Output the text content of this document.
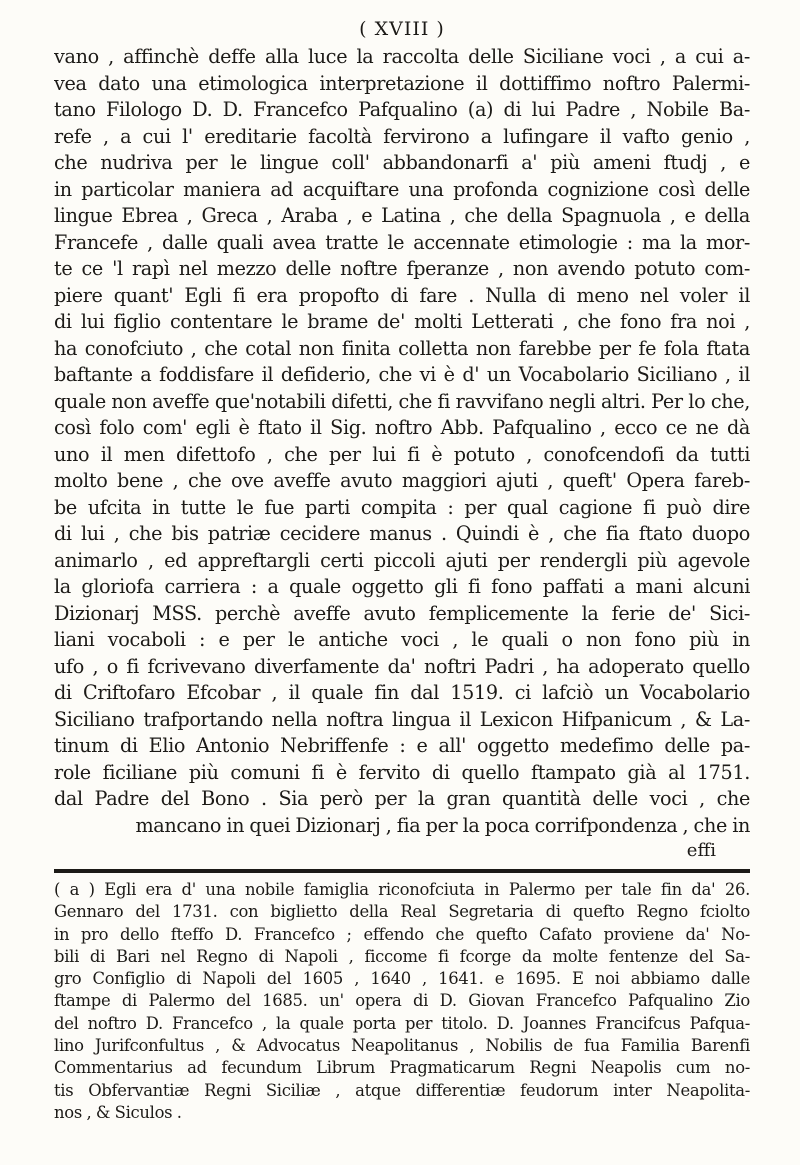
( XVIII )
vano , affinchè deffe alla luce la raccolta delle Siciliane voci , a cui a-
vea dato una etimologica interpretazione il dottiffimo noftro Palermi-
tano Filologo D. D. Francefco Pafqualino (a) di lui Padre , Nobile Ba-
refe , a cui l' ereditarie facoltà fervirono a lufingare il vafto genio ,
che nudriva per le lingue coll' abbandonarfi a' più ameni ftudj , e
in particolar maniera ad acquiftare una profonda cognizione così delle
lingue Ebrea , Greca , Araba , e Latina , che della Spagnuola , e della
Francefe , dalle quali avea tratte le accennate etimologie : ma la mor-
te ce 'l rapì nel mezzo delle noftre fperanze , non avendo potuto com-
piere quant' Egli fi era propofto di fare . Nulla di meno nel voler il
di lui figlio contentare le brame de' molti Letterati , che fono fra noi ,
ha conofciuto , che cotal non finita colletta non farebbe per fe fola ftata
baftante a foddisfare il defiderio, che vi è d' un Vocabolario Siciliano , il
quale non aveffe que'notabili difetti, che fi ravvifano negli altri. Per lo che,
così folo com' egli è ftato il Sig. noftro Abb. Pafqualino , ecco ce ne dà
uno il men difettofo , che per lui fi è potuto , conofcendofi da tutti
molto bene , che ove aveffe avuto maggiori ajuti , queft' Opera fareb-
be ufcita in tutte le fue parti compita : per qual cagione fi può dire
di lui , che bis patriæ cecidere manus . Quindi è , che fia ftato duopo
animarlo , ed appreftargli certi piccoli ajuti per rendergli più agevole
la gloriofa carriera : a quale oggetto gli fi fono paffati a mani alcuni
Dizionarj MSS. perchè aveffe avuto femplicemente la ferie de' Sici-
liani vocaboli : e per le antiche voci , le quali o non fono più in
ufo , o fi fcrivevano diverfamente da' noftri Padri , ha adoperato quello
di Criftofaro Efcobar , il quale fin dal 1519. ci lafciò un Vocabolario
Siciliano trafportando nella noftra lingua il Lexicon Hifpanicum , & La-
tinum di Elio Antonio Nebriffenfe : e all' oggetto medefimo delle pa-
role ficiliane più comuni fi è fervito di quello ftampato già al 1751.
dal Padre del Bono . Sia però per la gran quantità delle voci , che
mancano in quei Dizionarj , fia per la poca corrifpondenza , che in
effi
( a ) Egli era d' una nobile famiglia riconofciuta in Palermo per tale fin da' 26.
Gennaro del 1731. con biglietto della Real Segretaria di quefto Regno fciolto
in pro dello fteffo D. Francefco ; effendo che quefto Cafato proviene da' No-
bili di Bari nel Regno di Napoli , ficcome fi fcorge da molte fentenze del Sa-
gro Configlio di Napoli del 1605 , 1640 , 1641. e 1695. E noi abbiamo dalle
ftampe di Palermo del 1685. un' opera di D. Giovan Francefco Pafqualino Zio
del noftro D. Francefco , la quale porta per titolo. D. Joannes Francifcus Pafqua-
lino Jurifconfultus , & Advocatus Neapolitanus , Nobilis de fua Familia Barenfi
Commentarius ad fecundum Librum Pragmaticarum Regni Neapolis cum no-
tis Obfervantiæ Regni Siciliæ , atque differentiæ feudorum inter Neapolita-
nos , & Siculos .
